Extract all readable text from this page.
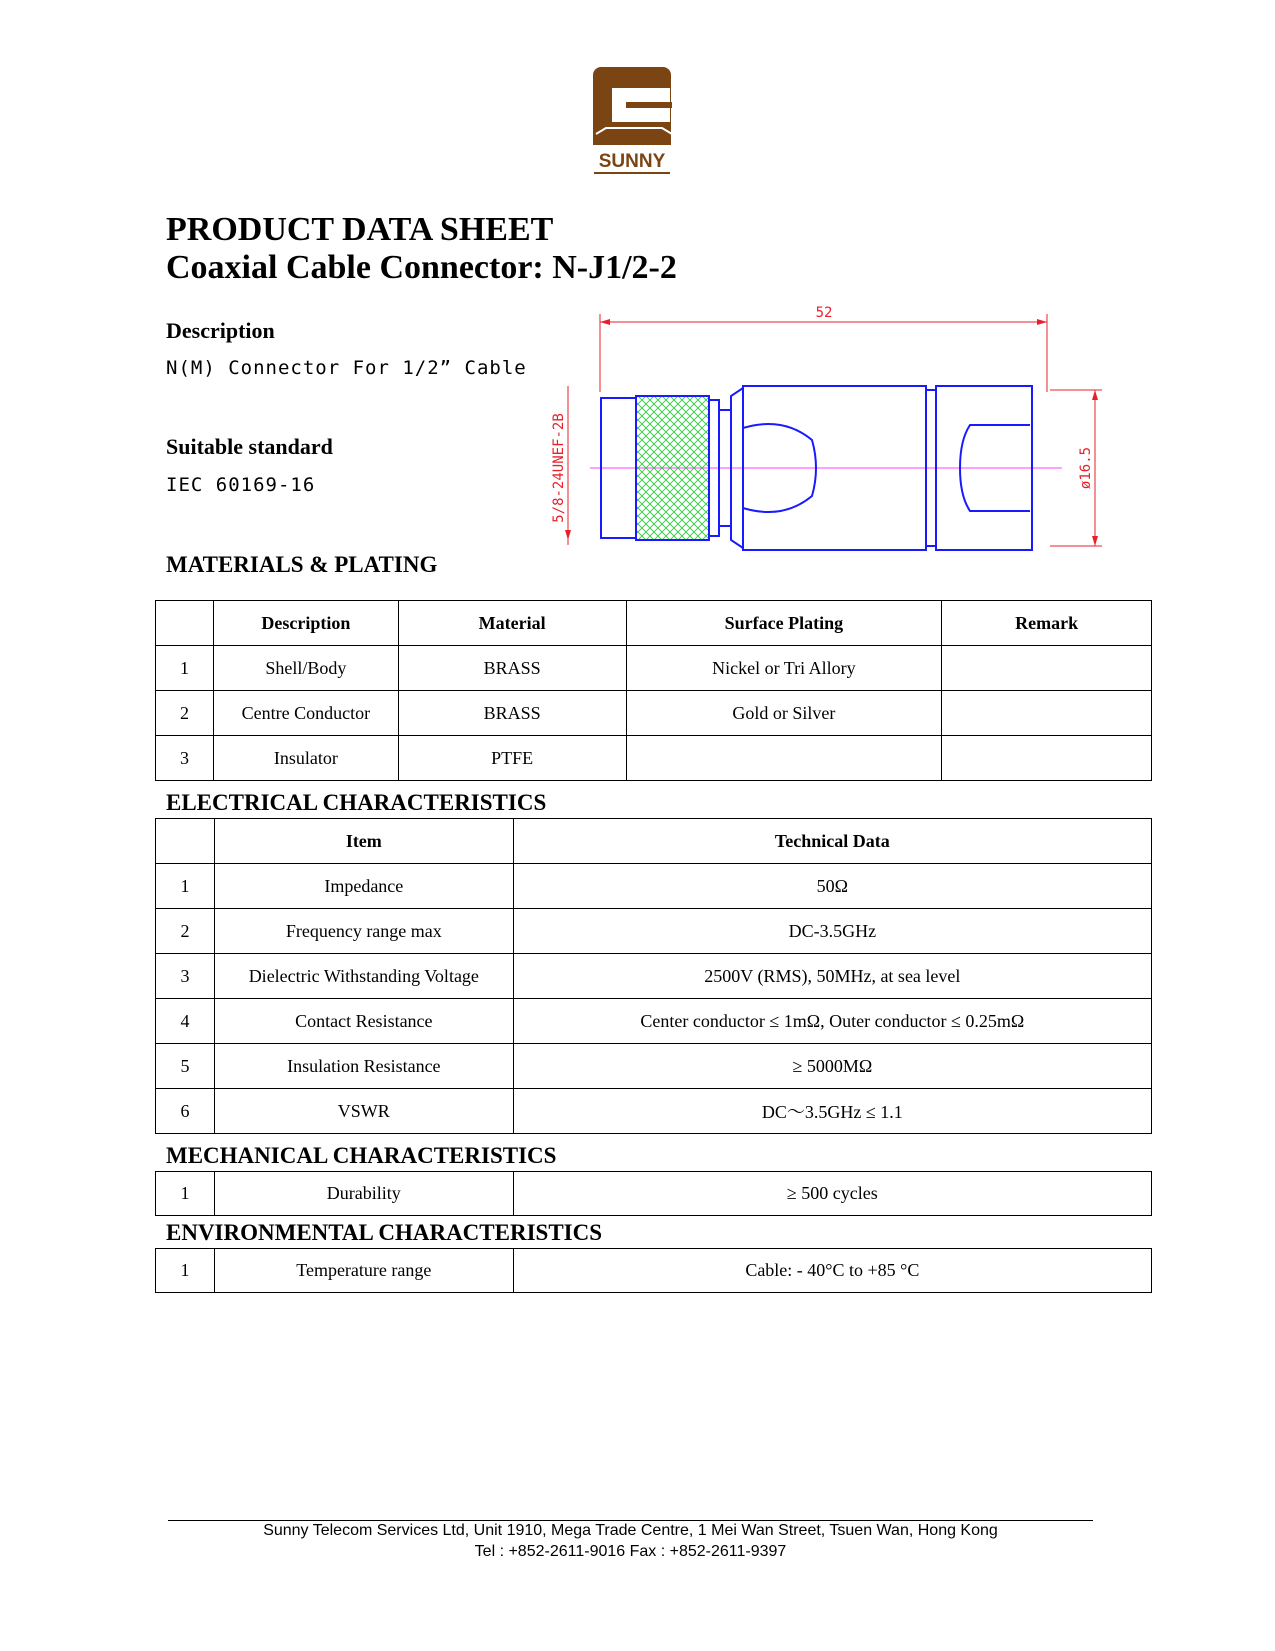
SUNNY
PRODUCT DATA SHEET
Coaxial Cable Connector: N-J1/2-2
Description
N(M) Connector For 1/2” Cable
Suitable standard
IEC 60169-16
52
5/8-24UNEF-2B	ø16.5
MATERIALS & PLATING
	Description	Material	Surface Plating	Remark
1	Shell/Body	BRASS	Nickel or Tri Allory	
2	Centre Conductor	BRASS	Gold or Silver	
3	Insulator	PTFE		
ELECTRICAL CHARACTERISTICS
	Item	Technical Data
1	Impedance	50Ω
2	Frequency range max	DC-3.5GHz
3	Dielectric Withstanding Voltage	2500V (RMS), 50MHz, at sea level
4	Contact Resistance	Center conductor ≤ 1mΩ, Outer conductor ≤ 0.25mΩ
5	Insulation Resistance	≥ 5000MΩ
6	VSWR	DC～3.5GHz ≤ 1.1
MECHANICAL CHARACTERISTICS
1	Durability	≥ 500 cycles
ENVIRONMENTAL CHARACTERISTICS
1	Temperature range	Cable: - 40°C to +85 °C
Sunny Telecom Services Ltd, Unit 1910, Mega Trade Centre, 1 Mei Wan Street, Tsuen Wan, Hong Kong
Tel : +852-2611-9016 Fax : +852-2611-9397
